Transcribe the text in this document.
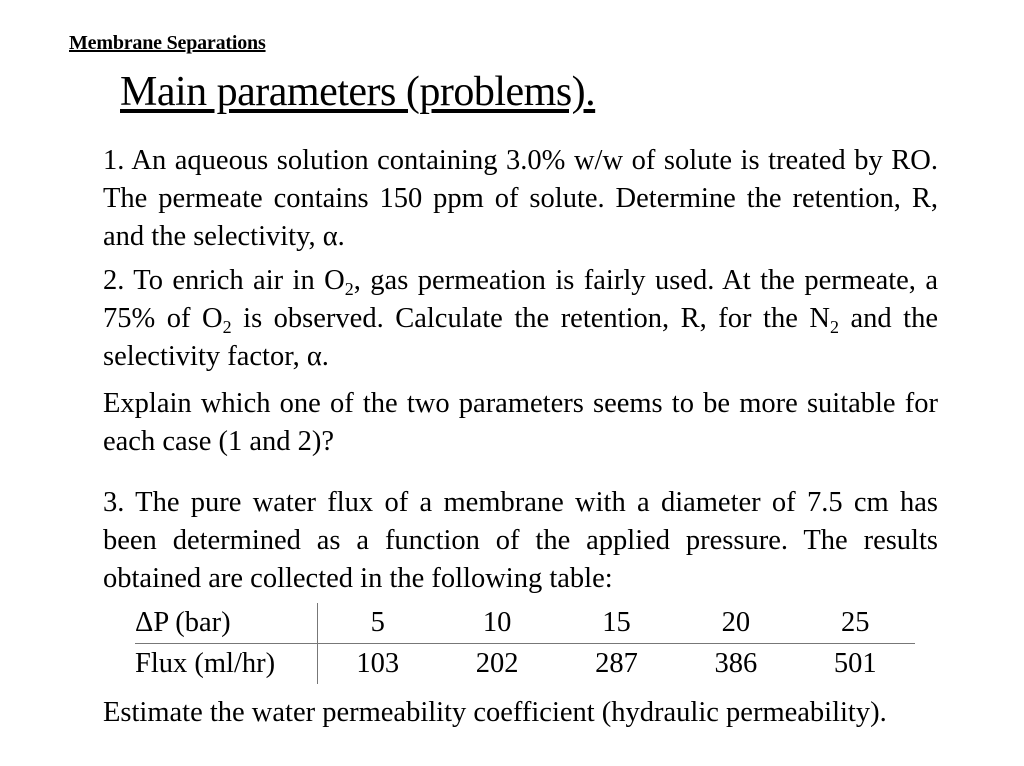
Membrane Separations
Main parameters (problems).
1. An aqueous solution containing 3.0% w/w of solute is treated by RO. The permeate contains 150 ppm of solute. Determine the retention, R, and the selectivity, α.
2. To enrich air in $O_2$, gas permeation is fairly used. At the permeate, a 75% of $O_2$ is observed. Calculate the retention, R, for the $N_2$ and the selectivity factor, α.
Explain which one of the two parameters seems to be more suitable for each case (1 and 2)?
3. The pure water flux of a membrane with a diameter of 7.5 cm has been determined as a function of the applied pressure. The results obtained are collected in the following table:
ΔP (bar)	5	10	15	20	25
Flux (ml/hr)	103	202	287	386	501
Estimate the water permeability coefficient (hydraulic permeability).
